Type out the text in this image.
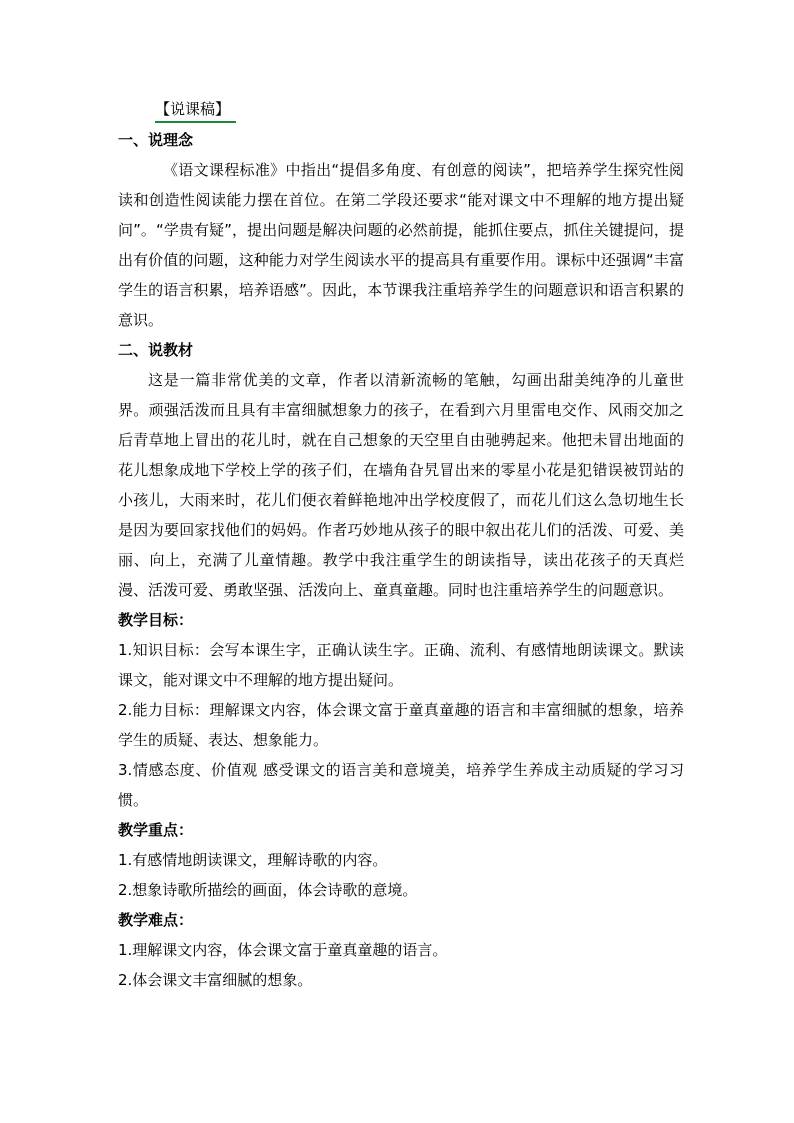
【说课稿】

一、说理念

《语文课程标准》中指出“提倡多角度、有创意的阅读”，把培养学生探究性阅读和创造性阅读能力摆在首位。在第二学段还要求“能对课文中不理解的地方提出疑问”。“学贵有疑”，提出问题是解决问题的必然前提，能抓住要点，抓住关键提问，提出有价值的问题，这种能力对学生阅读水平的提高具有重要作用。课标中还强调“丰富学生的语言积累，培养语感”。因此，本节课我注重培养学生的问题意识和语言积累的意识。

二、说教材

这是一篇非常优美的文章，作者以清新流畅的笔触，勾画出甜美纯净的儿童世界。顽强活泼而且具有丰富细腻想象力的孩子，在看到六月里雷电交作、风雨交加之后青草地上冒出的花儿时，就在自己想象的天空里自由驰骋起来。他把未冒出地面的花儿想象成地下学校上学的孩子们，在墙角旮旯冒出来的零星小花是犯错误被罚站的小孩儿，大雨来时，花儿们便衣着鲜艳地冲出学校度假了，而花儿们这么急切地生长是因为要回家找他们的妈妈。作者巧妙地从孩子的眼中叙出花儿们的活泼、可爱、美丽、向上，充满了儿童情趣。教学中我注重学生的朗读指导，读出花孩子的天真烂漫、活泼可爱、勇敢坚强、活泼向上、童真童趣。同时也注重培养学生的问题意识。

教学目标：

1.知识目标：会写本课生字，正确认读生字。正确、流利、有感情地朗读课文。默读课文，能对课文中不理解的地方提出疑问。

2.能力目标：理解课文内容，体会课文富于童真童趣的语言和丰富细腻的想象，培养学生的质疑、表达、想象能力。

3.情感态度、价值观 感受课文的语言美和意境美，培养学生养成主动质疑的学习习惯。

教学重点：

1.有感情地朗读课文，理解诗歌的内容。

2.想象诗歌所描绘的画面，体会诗歌的意境。

教学难点：

1.理解课文内容，体会课文富于童真童趣的语言。

2.体会课文丰富细腻的想象。
